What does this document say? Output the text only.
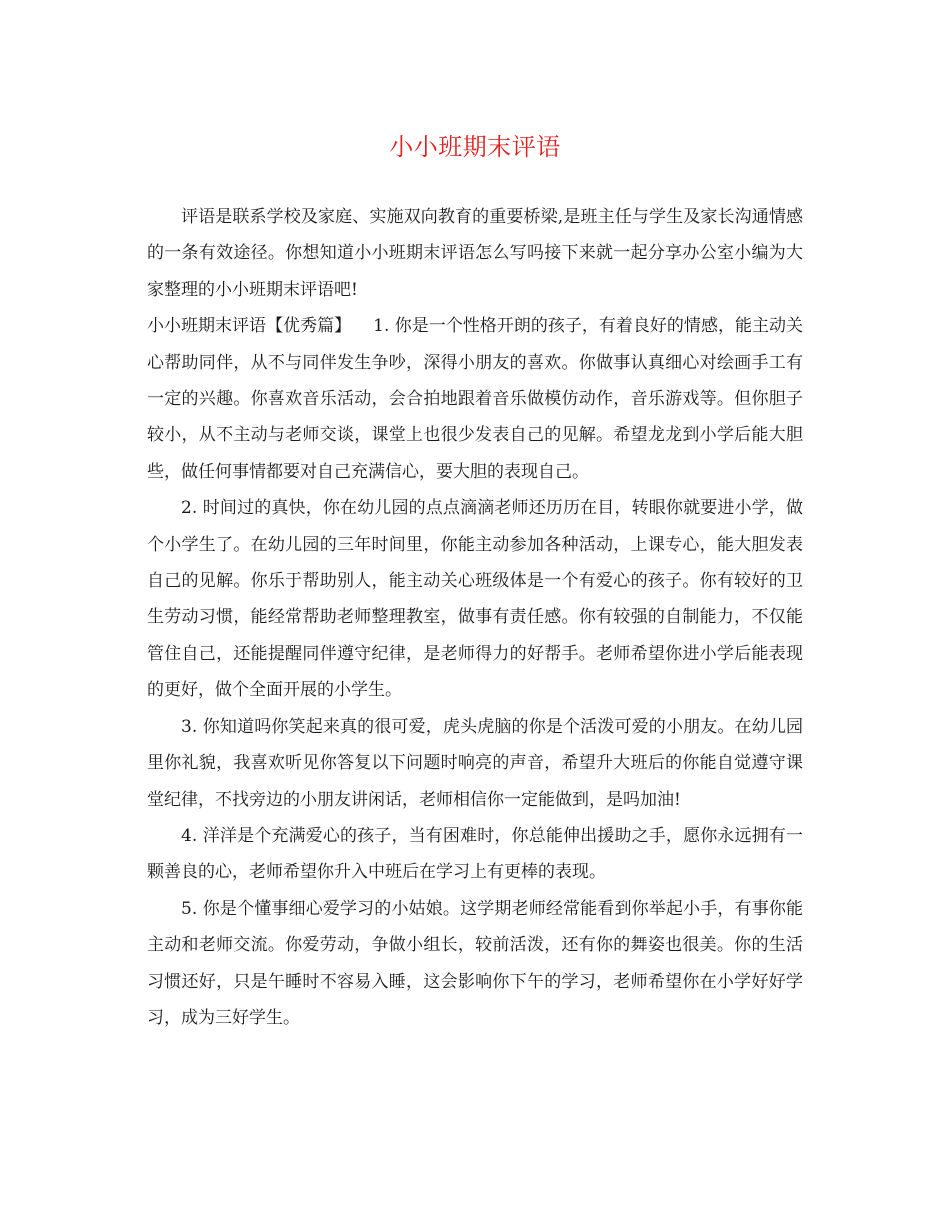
小小班期末评语

评语是联系学校及家庭、实施双向教育的重要桥梁,是班主任与学生及家长沟通情感的一条有效途径。你想知道小小班期末评语怎么写吗接下来就一起分享办公室小编为大家整理的小小班期末评语吧!

小小班期末评语【优秀篇】 1. 你是一个性格开朗的孩子，有着良好的情感，能主动关心帮助同伴，从不与同伴发生争吵，深得小朋友的喜欢。你做事认真细心对绘画手工有一定的兴趣。你喜欢音乐活动，会合拍地跟着音乐做模仿动作，音乐游戏等。但你胆子较小，从不主动与老师交谈，课堂上也很少发表自己的见解。希望龙龙到小学后能大胆些，做任何事情都要对自己充满信心，要大胆的表现自己。

2. 时间过的真快，你在幼儿园的点点滴滴老师还历历在目，转眼你就要进小学，做个小学生了。在幼儿园的三年时间里，你能主动参加各种活动，上课专心，能大胆发表自己的见解。你乐于帮助别人，能主动关心班级体是一个有爱心的孩子。你有较好的卫生劳动习惯，能经常帮助老师整理教室，做事有责任感。你有较强的自制能力，不仅能管住自己，还能提醒同伴遵守纪律，是老师得力的好帮手。老师希望你进小学后能表现的更好，做个全面开展的小学生。

3. 你知道吗你笑起来真的很可爱，虎头虎脑的你是个活泼可爱的小朋友。在幼儿园里你礼貌，我喜欢听见你答复以下问题时响亮的声音，希望升大班后的你能自觉遵守课堂纪律，不找旁边的小朋友讲闲话，老师相信你一定能做到，是吗加油!

4. 洋洋是个充满爱心的孩子，当有困难时，你总能伸出援助之手，愿你永远拥有一颗善良的心，老师希望你升入中班后在学习上有更棒的表现。

5. 你是个懂事细心爱学习的小姑娘。这学期老师经常能看到你举起小手，有事你能主动和老师交流。你爱劳动，争做小组长，较前活泼，还有你的舞姿也很美。你的生活习惯还好，只是午睡时不容易入睡，这会影响你下午的学习，老师希望你在小学好好学习，成为三好学生。
